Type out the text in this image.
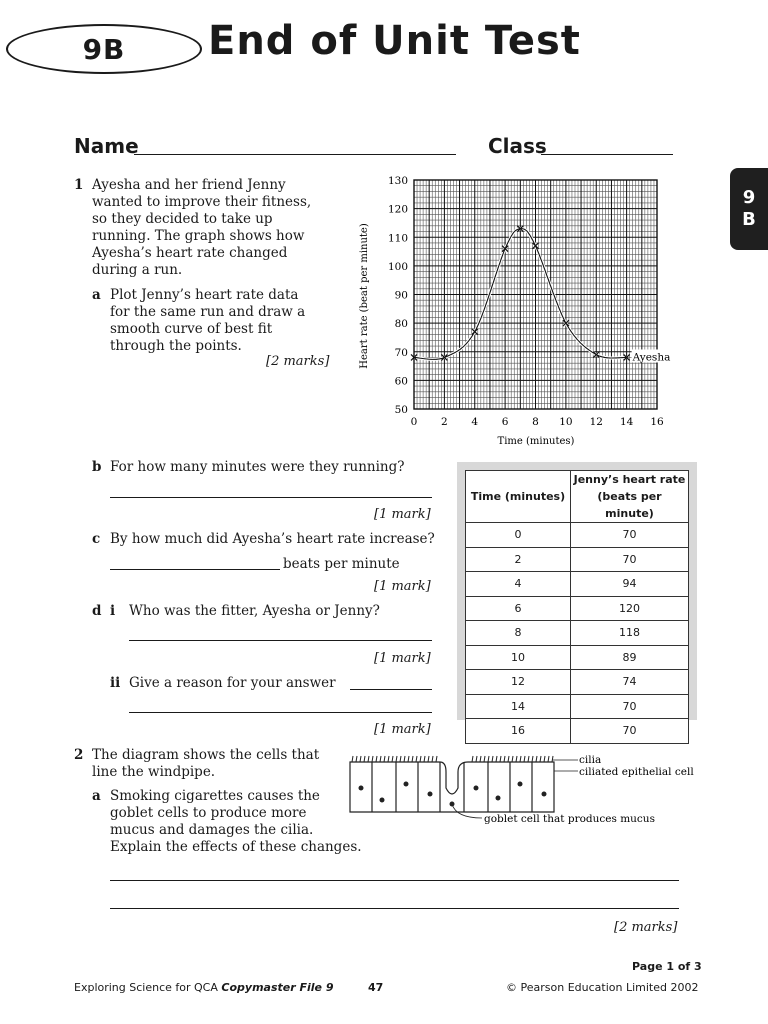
9B End of Unit Test
Name	Class
9
B
1 Ayesha and her friend Jenny
wanted to improve their fitness,
so they decided to take up
running. The graph shows how
Ayesha’s heart rate changed
during a run.
a Plot Jenny’s heart rate data
for the same run and draw a
smooth curve of best fit
through the points.
[2 marks]
0 2 4 6 8 10 12 14 16
50
60
70
80
90
100
110
120
130
Ayesha
Heart rate (beat per minute)
Time (minutes)
b For how many minutes were they running?
[1 mark]
c By how much did Ayesha’s heart rate increase?
beats per minute
[1 mark]
d i Who was the fitter, Ayesha or Jenny?
[1 mark]
ii Give a reason for your answer
[1 mark]
Time (minutes)	Jenny’s heart rate (beats per minute)
0	70
2	70
4	94
6	120
8	118
10	89
12	74
14	70
16	70
2 The diagram shows the cells that
line the windpipe.
a Smoking cigarettes causes the
goblet cells to produce more
mucus and damages the cilia.
Explain the effects of these changes.
cilia
ciliated epithelial cell
goblet cell that produces mucus
[2 marks]
Page 1 of 3
Exploring Science for QCA Copymaster File 9	47	© Pearson Education Limited 2002
